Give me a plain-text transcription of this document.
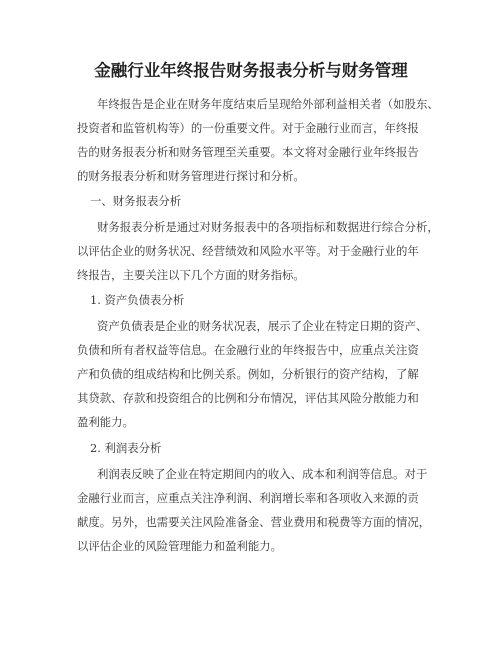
金融行业年终报告财务报表分析与财务管理
年终报告是企业在财务年度结束后呈现给外部利益相关者（如股东、
投资者和监管机构等）的一份重要文件。对于金融行业而言，年终报
告的财务报表分析和财务管理至关重要。本文将对金融行业年终报告
的财务报表分析和财务管理进行探讨和分析。
一、财务报表分析
财务报表分析是通过对财务报表中的各项指标和数据进行综合分析，
以评估企业的财务状况、经营绩效和风险水平等。对于金融行业的年
终报告，主要关注以下几个方面的财务指标。
1. 资产负债表分析
资产负债表是企业的财务状况表，展示了企业在特定日期的资产、
负债和所有者权益等信息。在金融行业的年终报告中，应重点关注资
产和负债的组成结构和比例关系。例如，分析银行的资产结构，了解
其贷款、存款和投资组合的比例和分布情况，评估其风险分散能力和
盈利能力。
2. 利润表分析
利润表反映了企业在特定期间内的收入、成本和利润等信息。对于
金融行业而言，应重点关注净利润、利润增长率和各项收入来源的贡
献度。另外，也需要关注风险准备金、营业费用和税费等方面的情况，
以评估企业的风险管理能力和盈利能力。
